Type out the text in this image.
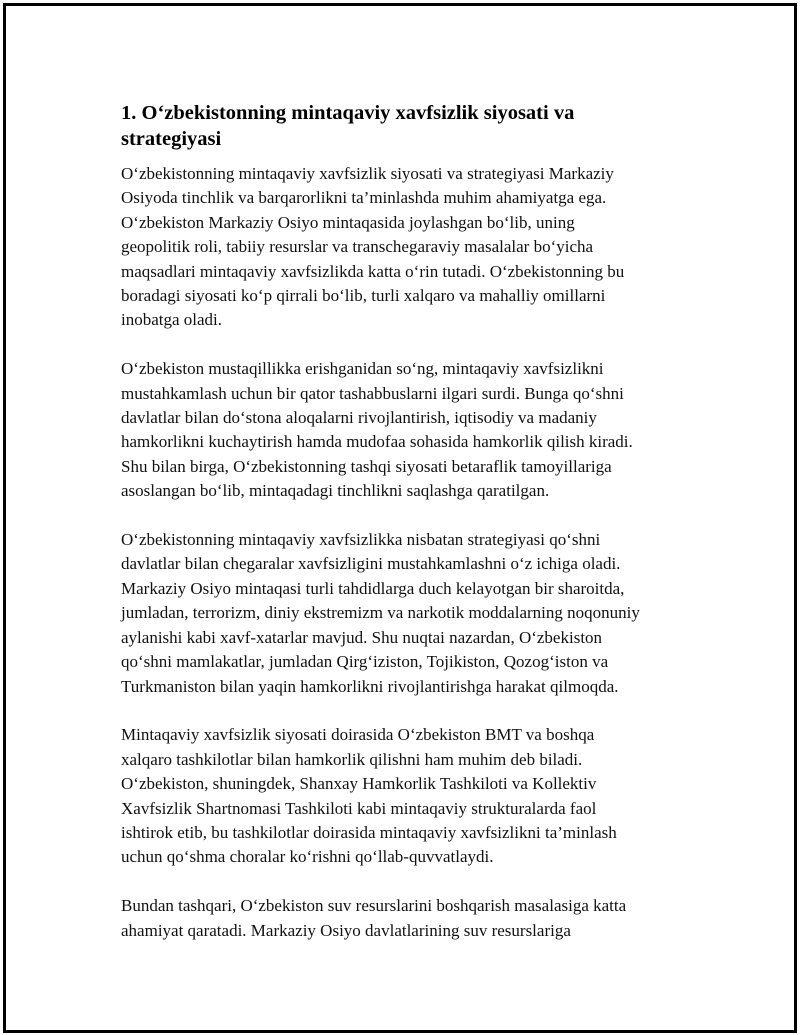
1. O‘zbekistonning mintaqaviy xavfsizlik siyosati va
strategiyasi

O‘zbekistonning mintaqaviy xavfsizlik siyosati va strategiyasi Markaziy
Osiyoda tinchlik va barqarorlikni ta’minlashda muhim ahamiyatga ega.
O‘zbekiston Markaziy Osiyo mintaqasida joylashgan bo‘lib, uning
geopolitik roli, tabiiy resurslar va transchegaraviy masalalar bo‘yicha
maqsadlari mintaqaviy xavfsizlikda katta o‘rin tutadi. O‘zbekistonning bu
boradagi siyosati ko‘p qirrali bo‘lib, turli xalqaro va mahalliy omillarni
inobatga oladi.

O‘zbekiston mustaqillikka erishganidan so‘ng, mintaqaviy xavfsizlikni
mustahkamlash uchun bir qator tashabbuslarni ilgari surdi. Bunga qo‘shni
davlatlar bilan do‘stona aloqalarni rivojlantirish, iqtisodiy va madaniy
hamkorlikni kuchaytirish hamda mudofaa sohasida hamkorlik qilish kiradi.
Shu bilan birga, O‘zbekistonning tashqi siyosati betaraflik tamoyillariga
asoslangan bo‘lib, mintaqadagi tinchlikni saqlashga qaratilgan.

O‘zbekistonning mintaqaviy xavfsizlikka nisbatan strategiyasi qo‘shni
davlatlar bilan chegaralar xavfsizligini mustahkamlashni o‘z ichiga oladi.
Markaziy Osiyo mintaqasi turli tahdidlarga duch kelayotgan bir sharoitda,
jumladan, terrorizm, diniy ekstremizm va narkotik moddalarning noqonuniy
aylanishi kabi xavf-xatarlar mavjud. Shu nuqtai nazardan, O‘zbekiston
qo‘shni mamlakatlar, jumladan Qirg‘iziston, Tojikiston, Qozog‘iston va
Turkmaniston bilan yaqin hamkorlikni rivojlantirishga harakat qilmoqda.

Mintaqaviy xavfsizlik siyosati doirasida O‘zbekiston BMT va boshqa
xalqaro tashkilotlar bilan hamkorlik qilishni ham muhim deb biladi.
O‘zbekiston, shuningdek, Shanxay Hamkorlik Tashkiloti va Kollektiv
Xavfsizlik Shartnomasi Tashkiloti kabi mintaqaviy strukturalarda faol
ishtirok etib, bu tashkilotlar doirasida mintaqaviy xavfsizlikni ta’minlash
uchun qo‘shma choralar ko‘rishni qo‘llab-quvvatlaydi.

Bundan tashqari, O‘zbekiston suv resurslarini boshqarish masalasiga katta
ahamiyat qaratadi. Markaziy Osiyo davlatlarining suv resurslariga
